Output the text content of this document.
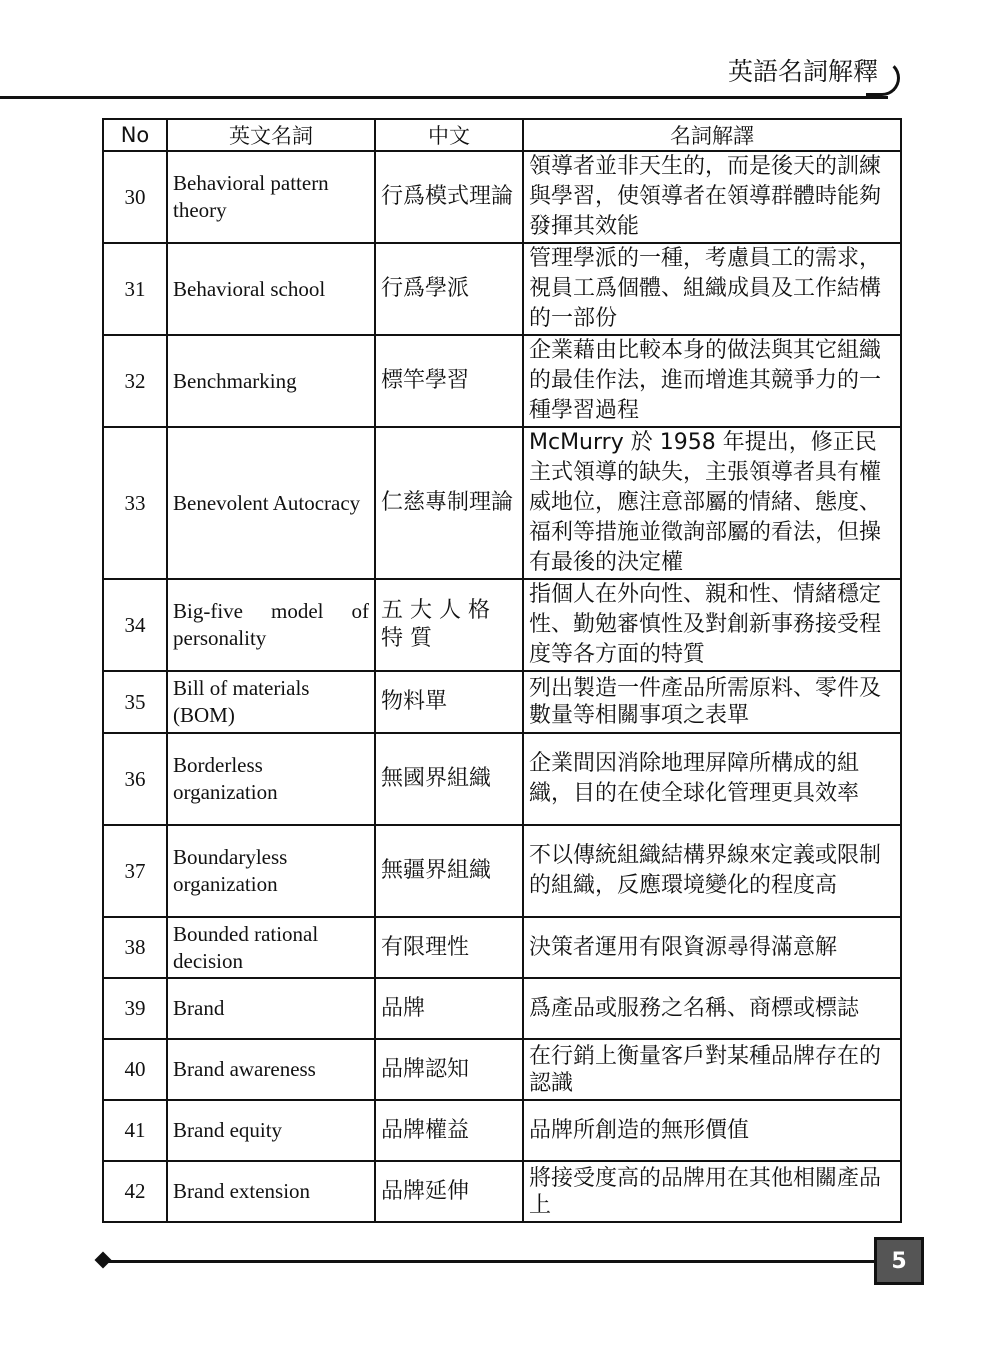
英語名詞解釋
No	英文名詞	中文	名詞解譯
30	Behavioral pattern theory	行爲模式理論	領導者並非天生的，而是後天的訓練與學習，使領導者在領導群體時能夠發揮其效能
31	Behavioral school	行爲學派	管理學派的一種，考慮員工的需求，視員工爲個體、組織成員及工作結構的一部份
32	Benchmarking	標竿學習	企業藉由比較本身的做法與其它組織的最佳作法，進而增進其競爭力的一種學習過程
33	Benevolent Autocracy	仁慈專制理論	McMurry 於 1958 年提出，修正民主式領導的缺失，主張領導者具有權威地位，應注意部屬的情緒、態度、福利等措施並徵詢部屬的看法，但操有最後的決定權
34	Big-five model of personality	五大人格特質	指個人在外向性、親和性、情緒穩定性、勤勉審慎性及對創新事務接受程度等各方面的特質
35	Bill of materials (BOM)	物料單	列出製造一件產品所需原料、零件及數量等相關事項之表單
36	Borderless organization	無國界組織	企業間因消除地理屏障所構成的組織，目的在使全球化管理更具效率
37	Boundaryless organization	無疆界組織	不以傳統組織結構界線來定義或限制的組織，反應環境變化的程度高
38	Bounded rational decision	有限理性	決策者運用有限資源尋得滿意解
39	Brand	品牌	爲產品或服務之名稱、商標或標誌
40	Brand awareness	品牌認知	在行銷上衡量客戶對某種品牌存在的認識
41	Brand equity	品牌權益	品牌所創造的無形價值
42	Brand extension	品牌延伸	將接受度高的品牌用在其他相關產品上
5
